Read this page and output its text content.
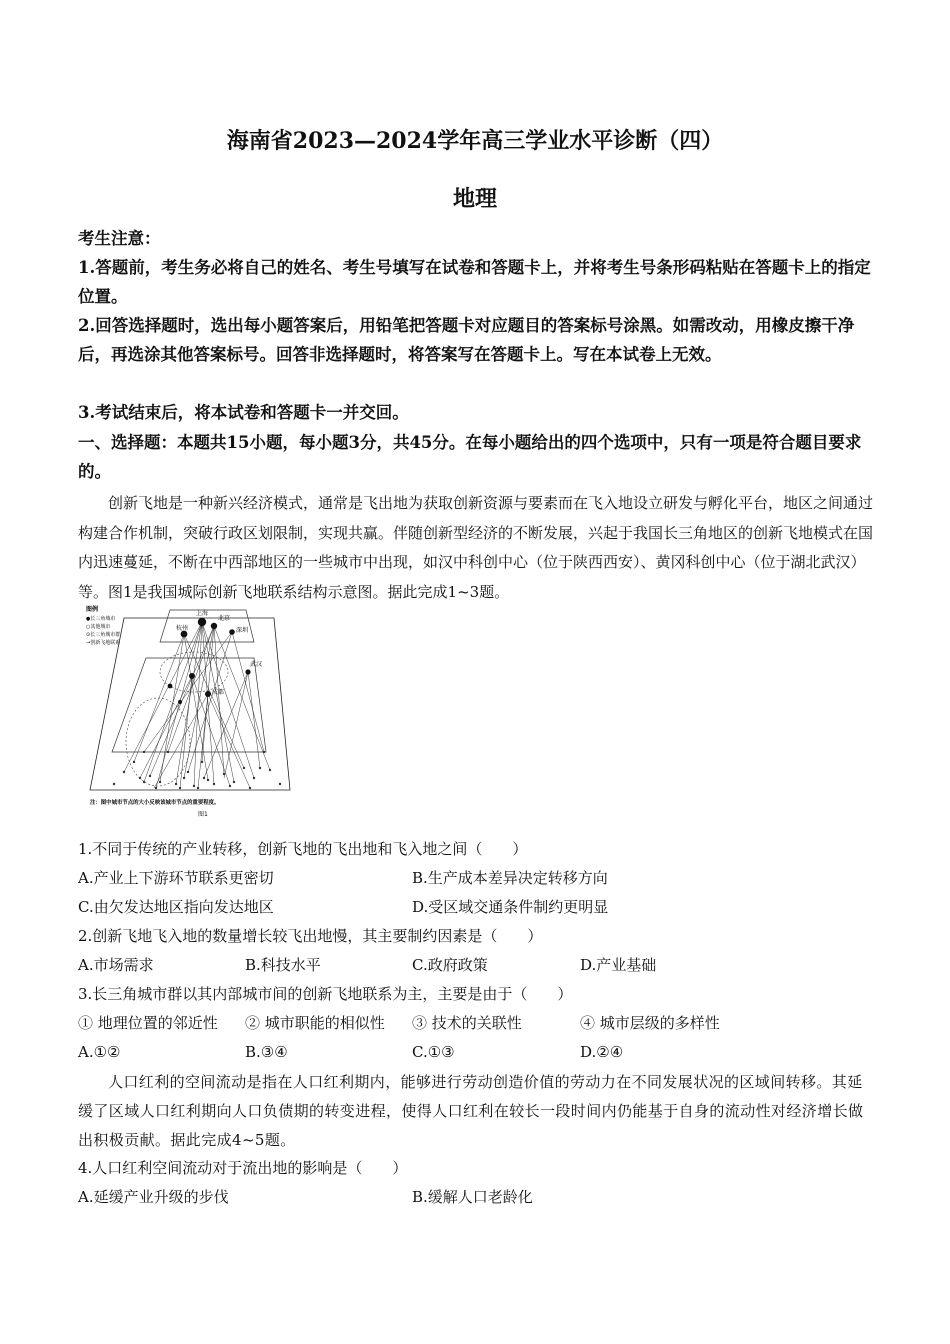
海南省2023—2024学年高三学业水平诊断（四）
地理
考生注意：
1.答题前，考生务必将自己的姓名、考生号填写在试卷和答题卡上，并将考生号条形码粘贴在答题卡上的指定位置。
2.回答选择题时，选出每小题答案后，用铅笔把答题卡对应题目的答案标号涂黑。如需改动，用橡皮擦干净后，再选涂其他答案标号。回答非选择题时，将答案写在答题卡上。写在本试卷上无效。
3.考试结束后，将本试卷和答题卡一并交回。
一、选择题：本题共15小题，每小题3分，共45分。在每小题给出的四个选项中，只有一项是符合题目要求的。
创新飞地是一种新兴经济模式，通常是飞出地为获取创新资源与要素而在飞入地设立研发与孵化平台，地区之间通过构建合作机制，突破行政区划限制，实现共赢。伴随创新型经济的不断发展，兴起于我国长三角地区的创新飞地模式在国内迅速蔓延，不断在中西部地区的一些城市中出现，如汉中科创中心（位于陕西西安）、黄冈科创中心（位于湖北武汉）等。图1是我国城际创新飞地联系结构示意图。据此完成1~3题。
图例
●长三角城市
○其他城市
⊙长三角城市群
→创新飞地联系
上海
北京
杭州	深圳
武汉
成都
注：图中城市节点的大小反映该城市节点的重要程度。
图1
1.不同于传统的产业转移，创新飞地的飞出地和飞入地之间（　　）
A.产业上下游环节联系更密切	B.生产成本差异决定转移方向
C.由欠发达地区指向发达地区	D.受区域交通条件制约更明显
2.创新飞地飞入地的数量增长较飞出地慢，其主要制约因素是（　　）
A.市场需求	B.科技水平	C.政府政策	D.产业基础
3.长三角城市群以其内部城市间的创新飞地联系为主，主要是由于（　　）
① 地理位置的邻近性 ② 城市职能的相似性 ③ 技术的关联性	④ 城市层级的多样性
A.①②	B.③④	C.①③	D.②④
人口红利的空间流动是指在人口红利期内，能够进行劳动创造价值的劳动力在不同发展状况的区域间转移。其延缓了区域人口红利期向人口负债期的转变进程，使得人口红利在较长一段时间内仍能基于自身的流动性对经济增长做出积极贡献。据此完成4~5题。
4.人口红利空间流动对于流出地的影响是（　　）
A.延缓产业升级的步伐	B.缓解人口老龄化
